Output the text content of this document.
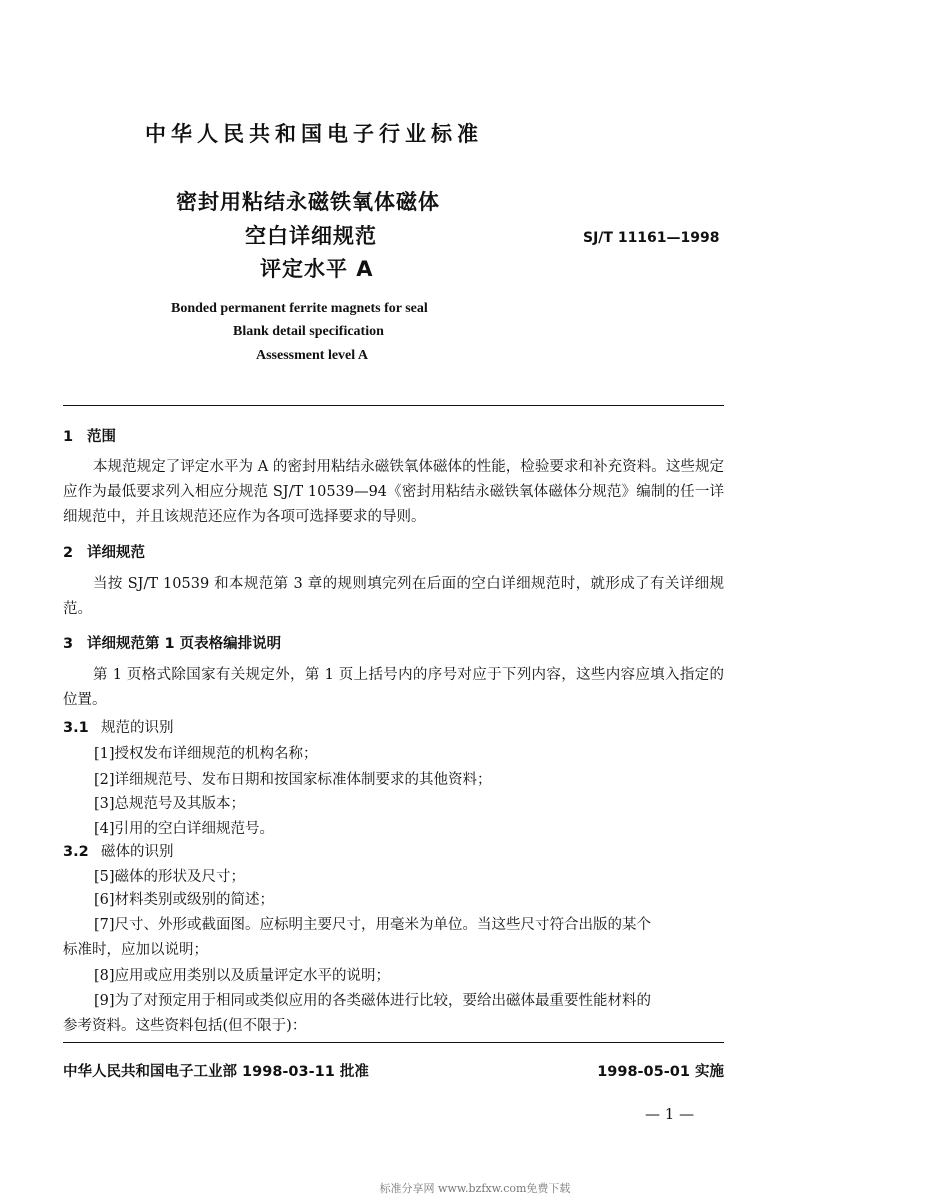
中华人民共和国电子行业标准
密封用粘结永磁铁氧体磁体
空白详细规范
评定水平 A
SJ/T 11161—1998
Bonded permanent ferrite magnets for seal
Blank detail specification
Assessment level A
1 范围

本规范规定了评定水平为 A 的密封用粘结永磁铁氧体磁体的性能，检验要求和补充资料。这些规定应作为最低要求列入相应分规范 SJ/T 10539—94《密封用粘结永磁铁氧体磁体分规范》编制的任一详细规范中，并且该规范还应作为各项可选择要求的导则。

2 详细规范

当按 SJ/T 10539 和本规范第 3 章的规则填完列在后面的空白详细规范时，就形成了有关详细规范。

3 详细规范第 1 页表格编排说明

第 1 页格式除国家有关规定外，第 1 页上括号内的序号对应于下列内容，这些内容应填入指定的位置。

3.1 规范的识别
[1]授权发布详细规范的机构名称；
[2]详细规范号、发布日期和按国家标准体制要求的其他资料；
[3]总规范号及其版本；
[4]引用的空白详细规范号。
3.2 磁体的识别
[5]磁体的形状及尺寸；
[6]材料类别或级别的简述；
[7]尺寸、外形或截面图。应标明主要尺寸，用毫米为单位。当这些尺寸符合出版的某个
标准时，应加以说明；
[8]应用或应用类别以及质量评定水平的说明；
[9]为了对预定用于相同或类似应用的各类磁体进行比较，要给出磁体最重要性能材料的
参考资料。这些资料包括(但不限于)：
中华人民共和国电子工业部 1998-03-11 批准	1998-05-01 实施
— 1 —
标准分享网 www.bzfxw.com免费下载
